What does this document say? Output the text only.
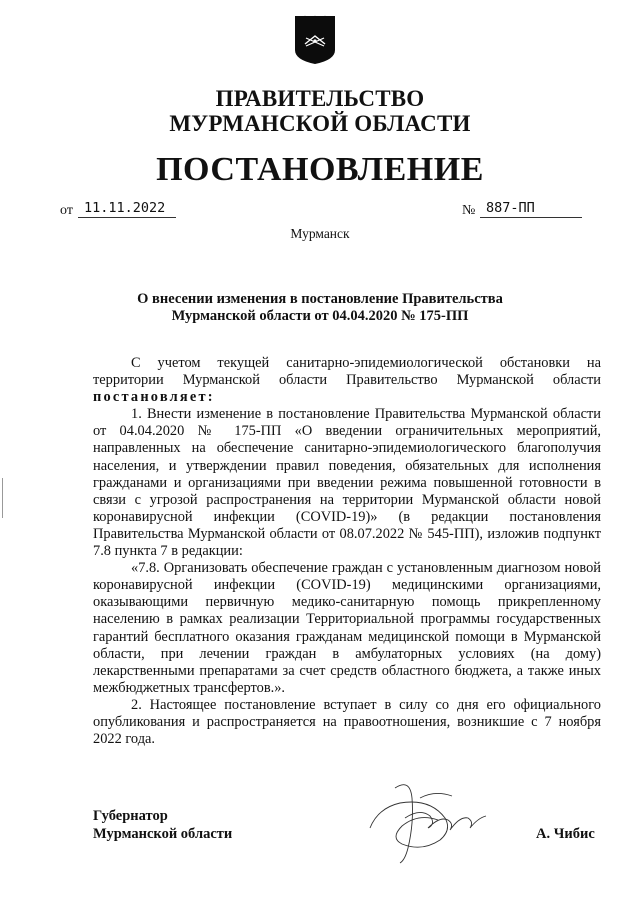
ПРАВИТЕЛЬСТВО
МУРМАНСКОЙ ОБЛАСТИ
ПОСТАНОВЛЕНИЕ
от 11.11.2022	№ 887-ПП
Мурманск
О внесении изменения в постановление Правительства
Мурманской области от 04.04.2020 № 175-ПП

С учетом текущей санитарно-эпидемиологической обстановки на территории Мурманской области Правительство Мурманской области постановляет:

1. Внести изменение в постановление Правительства Мурманской области от 04.04.2020 № 175-ПП «О введении ограничительных мероприятий, направленных на обеспечение санитарно-эпидемиологического благополучия населения, и утверждении правил поведения, обязательных для исполнения гражданами и организациями при введении режима повышенной готовности в связи с угрозой распространения на территории Мурманской области новой коронавирусной инфекции (COVID-19)» (в редакции постановления Правительства Мурманской области от 08.07.2022 № 545-ПП), изложив подпункт 7.8 пункта 7 в редакции:

«7.8. Организовать обеспечение граждан с установленным диагнозом новой коронавирусной инфекции (COVID-19) медицинскими организациями, оказывающими первичную медико-санитарную помощь прикрепленному населению в рамках реализации Территориальной программы государственных гарантий бесплатного оказания гражданам медицинской помощи в Мурманской области, при лечении граждан в амбулаторных условиях (на дому) лекарственными препаратами за счет средств областного бюджета, а также иных межбюджетных трансфертов.».

2. Настоящее постановление вступает в силу со дня его официального опубликования и распространяется на правоотношения, возникшие с 7 ноября 2022 года.

Губернатор
Мурманской области	А. Чибис
